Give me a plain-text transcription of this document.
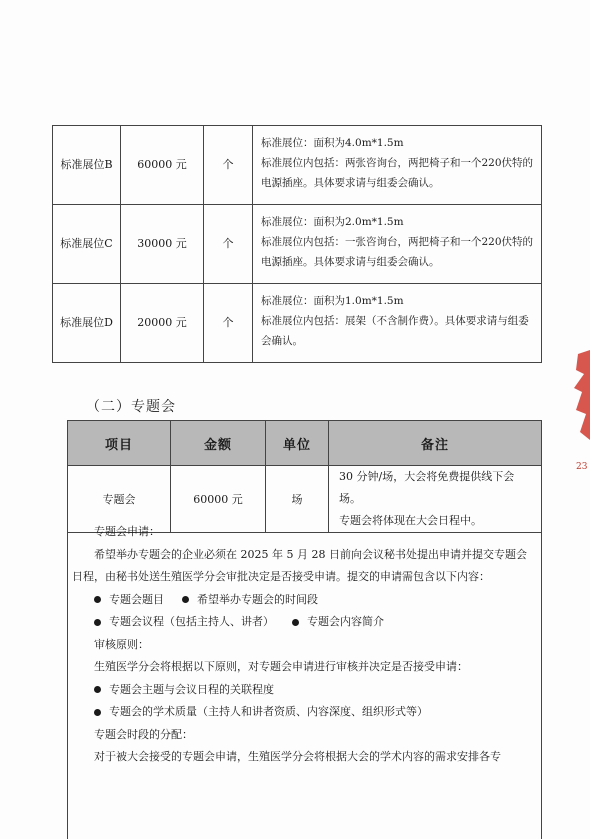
标准展位B	60000 元	个	标准展位：面积为4.0m*1.5m
标准展位内包括：两张咨询台，两把椅子和一个220伏特的电源插座。具体要求请与组委会确认。

标准展位C	30000 元	个	标准展位：面积为2.0m*1.5m
标准展位内包括：一张咨询台，两把椅子和一个220伏特的电源插座。具体要求请与组委会确认。

标准展位D	20000 元	个	标准展位：面积为1.0m*1.5m
标准展位内包括：展架（不含制作费）。具体要求请与组委会确认。
（二）专题会
项目	金额	单位	备注
专题会	60000 元	场	30 分钟/场，大会将免费提供线下会场。
专题会将体现在大会日程中。

专题会申请：

希望举办专题会的企业必须在 2025 年 5 月 28 日前向会议秘书处提出申请并提交专题会日程，由秘书处送生殖医学分会审批决定是否接受申请。提交的申请需包含以下内容：

专题会题目	希望举办专题会的时间段
专题会议程（包括主持人、讲者）	专题会内容简介

审核原则：

生殖医学分会将根据以下原则，对专题会申请进行审核并决定是否接受申请：

专题会主题与会议日程的关联程度
专题会的学术质量（主持人和讲者资质、内容深度、组织形式等）

专题会时段的分配：

对于被大会接受的专题会申请，生殖医学分会将根据大会的学术内容的需求安排各专

23
